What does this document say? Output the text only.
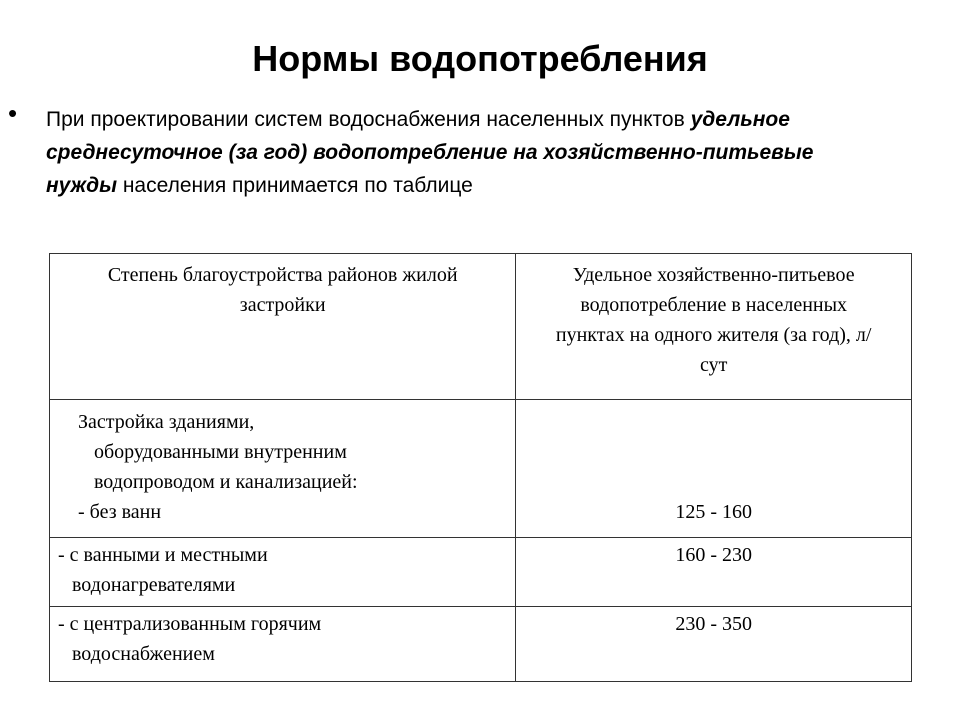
Нормы водопотребления
• При проектировании систем водоснабжения населенных пунктов удельное среднесуточное (за год) водопотребление на хозяйственно-питьевые нужды населения принимается по таблице

Степень благоустройства районов жилой застройки	Удельное хозяйственно-питьевое водопотребление в населенных пунктах на одного жителя (за год), л/сут

Застройка зданиями,
оборудованными внутренним
водопроводом и канализацией:
- без ванн	125 - 160
- с ванными и местными
водонагревателями	160 - 230
- с централизованным горячим
водоснабжением	230 - 350
